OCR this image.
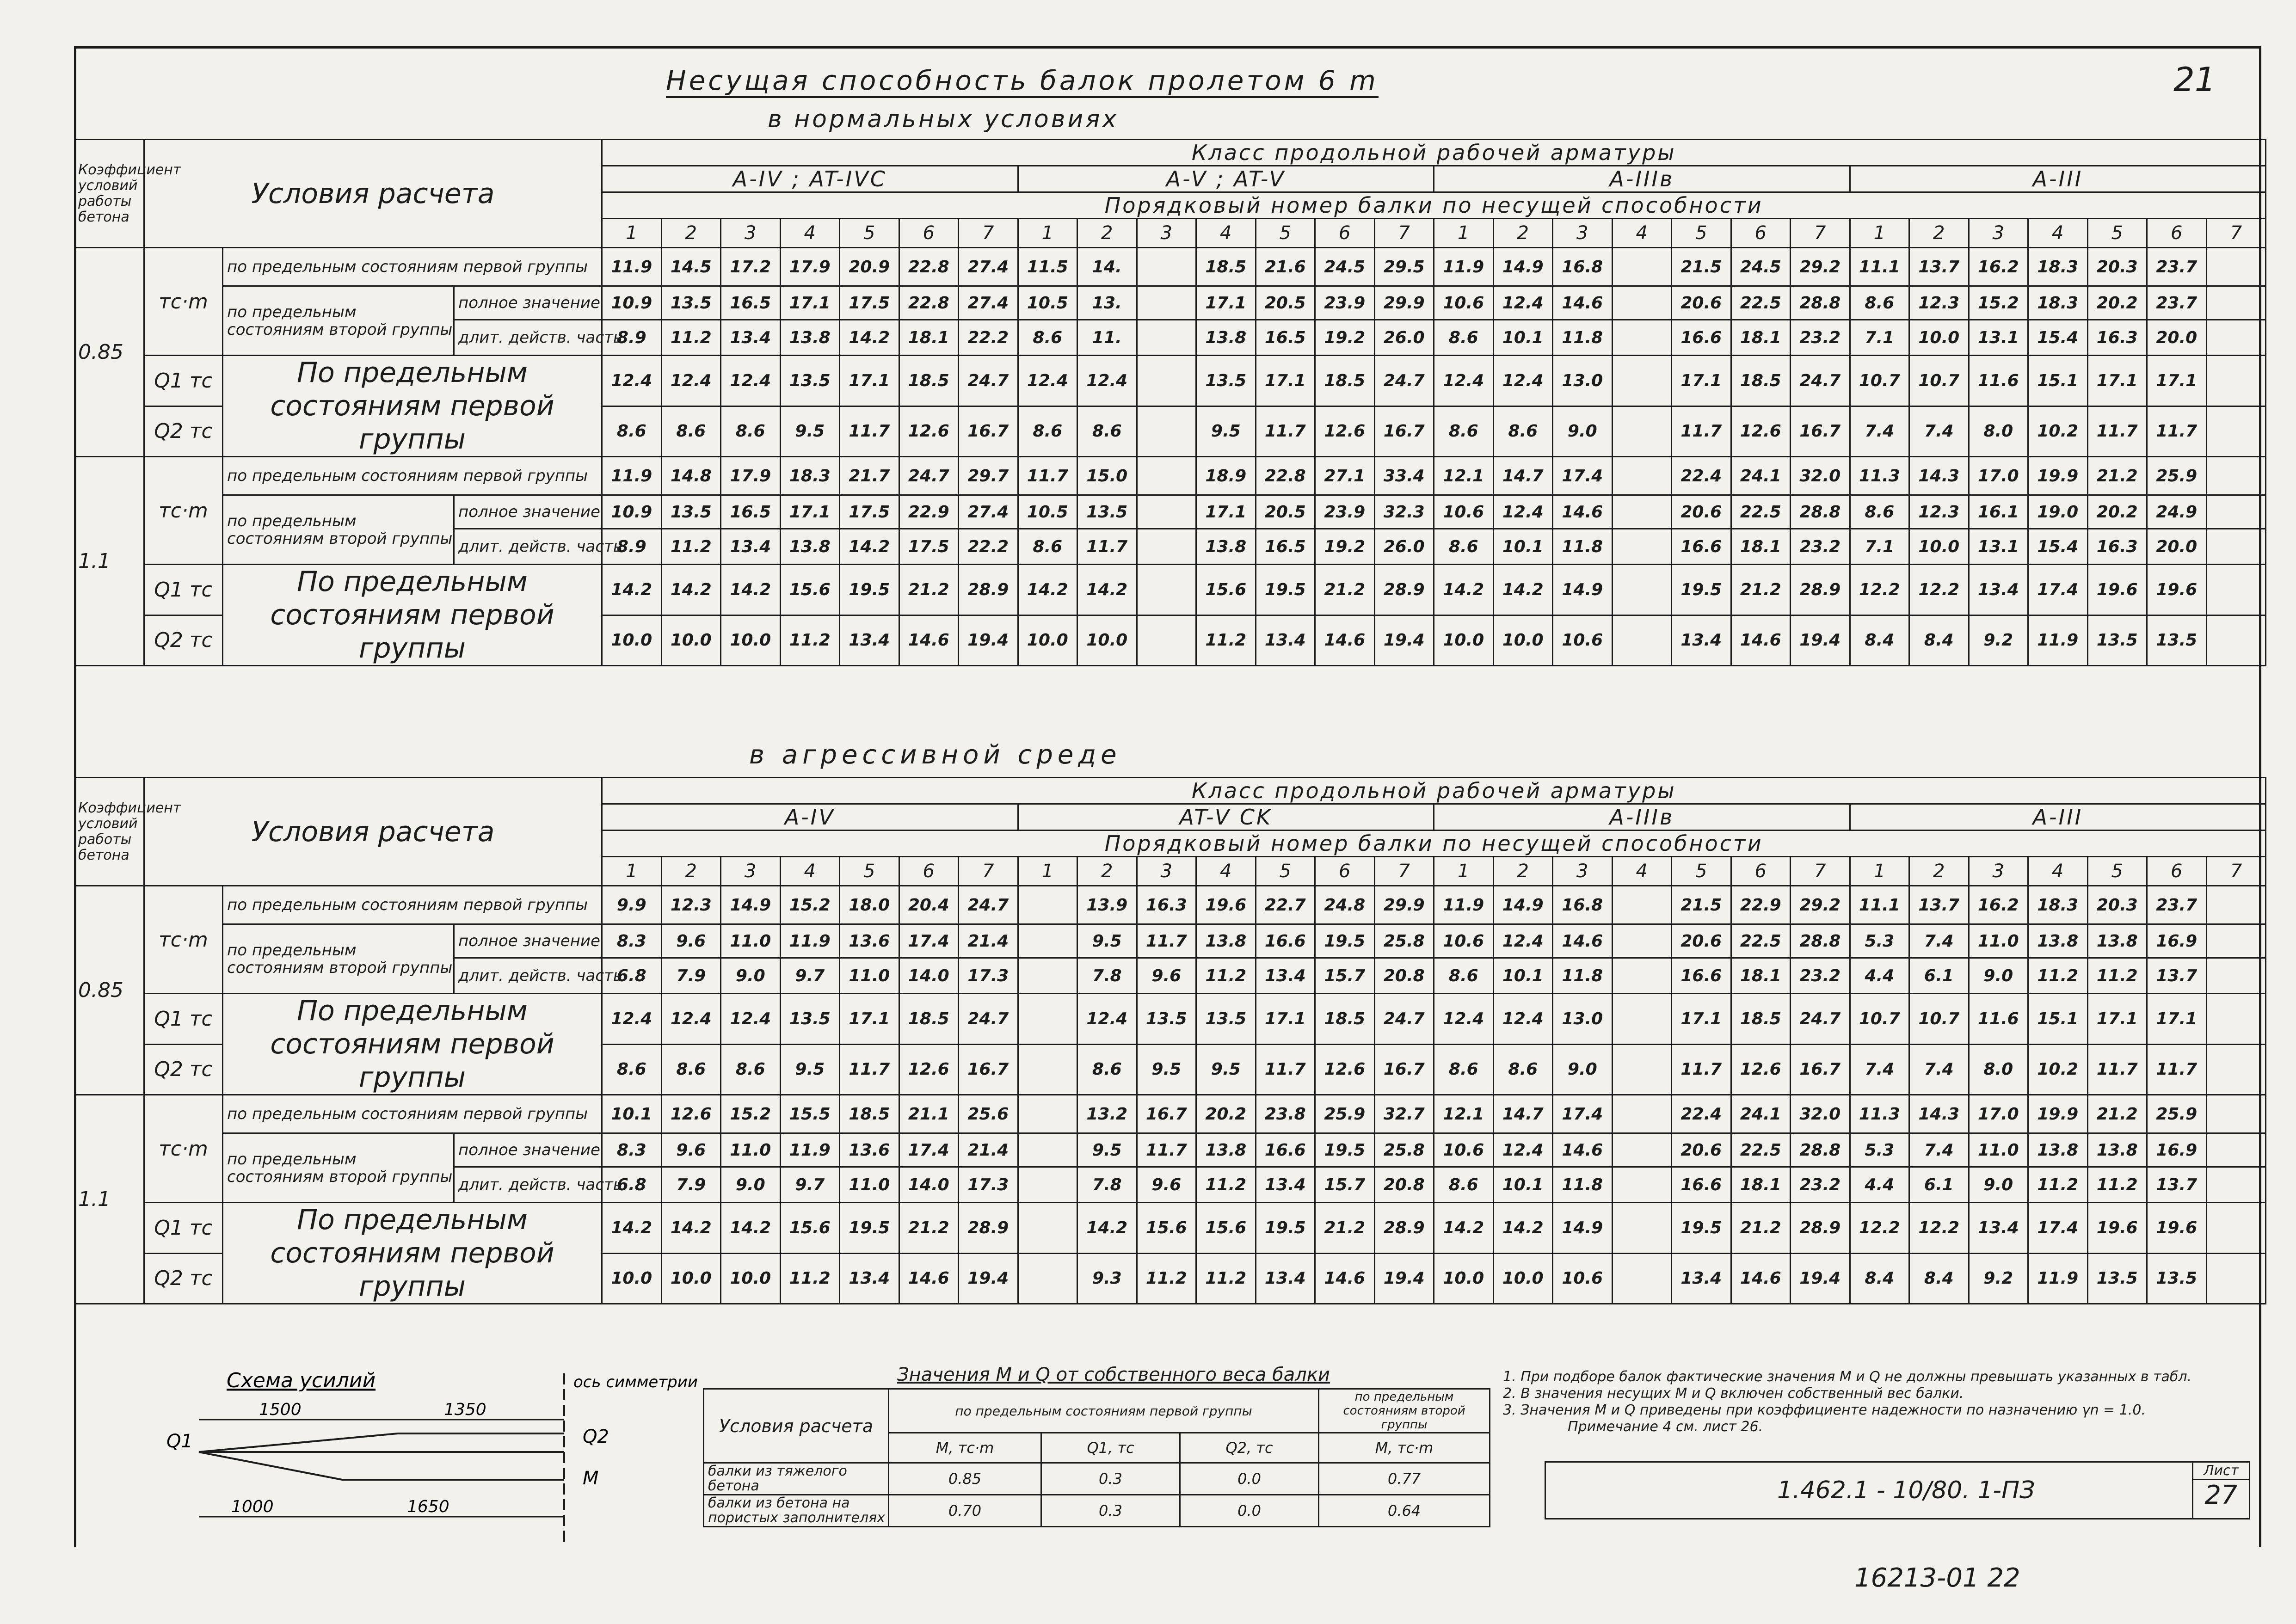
Несущая способность балок пролетом 6 m	21
в нормальных условиях
Коэффициент условий работы бетона	Условия расчета			Класс продольной рабочей арматуры																											
				A-IV ; AT-IVC							A-V ; AT-V							A-IIIв							A-III						
				Порядковый номер балки по несущей способности																											
				1	2	3	4	5	6	7	1	2	3	4	5	6	7	1	2	3	4	5	6	7	1	2	3	4	5	6	7
0.85	тс·m	по предельным состояниям первой группы		11.9	14.5	17.2	17.9	20.9	22.8	27.4	11.5	14.		18.5	21.6	24.5	29.5	11.9	14.9	16.8		21.5	24.5	29.2	11.1	13.7	16.2	18.3	20.3	23.7	
		по предельным состояниям второй группы	полное значение	10.9	13.5	16.5	17.1	17.5	22.8	27.4	10.5	13.		17.1	20.5	23.9	29.9	10.6	12.4	14.6		20.6	22.5	28.8	8.6	12.3	15.2	18.3	20.2	23.7	
			длит. действ. часть	8.9	11.2	13.4	13.8	14.2	18.1	22.2	8.6	11.		13.8	16.5	19.2	26.0	8.6	10.1	11.8		16.6	18.1	23.2	7.1	10.0	13.1	15.4	16.3	20.0	
	Q1 тс	По предельным состояниям первой группы		12.4	12.4	12.4	13.5	17.1	18.5	24.7	12.4	12.4		13.5	17.1	18.5	24.7	12.4	12.4	13.0		17.1	18.5	24.7	10.7	10.7	11.6	15.1	17.1	17.1	
	Q2 тс			8.6	8.6	8.6	9.5	11.7	12.6	16.7	8.6	8.6		9.5	11.7	12.6	16.7	8.6	8.6	9.0		11.7	12.6	16.7	7.4	7.4	8.0	10.2	11.7	11.7	
1.1	тс·m	по предельным состояниям первой группы		11.9	14.8	17.9	18.3	21.7	24.7	29.7	11.7	15.0		18.9	22.8	27.1	33.4	12.1	14.7	17.4		22.4	24.1	32.0	11.3	14.3	17.0	19.9	21.2	25.9	
		по предельным состояниям второй группы	полное значение	10.9	13.5	16.5	17.1	17.5	22.9	27.4	10.5	13.5		17.1	20.5	23.9	32.3	10.6	12.4	14.6		20.6	22.5	28.8	8.6	12.3	16.1	19.0	20.2	24.9	
			длит. действ. часть	8.9	11.2	13.4	13.8	14.2	17.5	22.2	8.6	11.7		13.8	16.5	19.2	26.0	8.6	10.1	11.8		16.6	18.1	23.2	7.1	10.0	13.1	15.4	16.3	20.0	
	Q1 тс	По предельным состояниям первой группы		14.2	14.2	14.2	15.6	19.5	21.2	28.9	14.2	14.2		15.6	19.5	21.2	28.9	14.2	14.2	14.9		19.5	21.2	28.9	12.2	12.2	13.4	17.4	19.6	19.6	
	Q2 тс			10.0	10.0	10.0	11.2	13.4	14.6	19.4	10.0	10.0		11.2	13.4	14.6	19.4	10.0	10.0	10.6		13.4	14.6	19.4	8.4	8.4	9.2	11.9	13.5	13.5	
в агрессивной среде
Коэффициент условий работы бетона	Условия расчета			Класс продольной рабочей арматуры																											
				A-IV							AT-V CK							A-IIIв							A-III						
				Порядковый номер балки по несущей способности																											
				1	2	3	4	5	6	7	1	2	3	4	5	6	7	1	2	3	4	5	6	7	1	2	3	4	5	6	7
0.85	тс·m	по предельным состояниям первой группы		9.9	12.3	14.9	15.2	18.0	20.4	24.7		13.9	16.3	19.6	22.7	24.8	29.9	11.9	14.9	16.8		21.5	22.9	29.2	11.1	13.7	16.2	18.3	20.3	23.7	
		по предельным состояниям второй группы	полное значение	8.3	9.6	11.0	11.9	13.6	17.4	21.4		9.5	11.7	13.8	16.6	19.5	25.8	10.6	12.4	14.6		20.6	22.5	28.8	5.3	7.4	11.0	13.8	13.8	16.9	
			длит. действ. часть	6.8	7.9	9.0	9.7	11.0	14.0	17.3		7.8	9.6	11.2	13.4	15.7	20.8	8.6	10.1	11.8		16.6	18.1	23.2	4.4	6.1	9.0	11.2	11.2	13.7	
	Q1 тс	По предельным состояниям первой группы		12.4	12.4	12.4	13.5	17.1	18.5	24.7		12.4	13.5	13.5	17.1	18.5	24.7	12.4	12.4	13.0		17.1	18.5	24.7	10.7	10.7	11.6	15.1	17.1	17.1	
	Q2 тс			8.6	8.6	8.6	9.5	11.7	12.6	16.7		8.6	9.5	9.5	11.7	12.6	16.7	8.6	8.6	9.0		11.7	12.6	16.7	7.4	7.4	8.0	10.2	11.7	11.7	
1.1	тс·m	по предельным состояниям первой группы		10.1	12.6	15.2	15.5	18.5	21.1	25.6		13.2	16.7	20.2	23.8	25.9	32.7	12.1	14.7	17.4		22.4	24.1	32.0	11.3	14.3	17.0	19.9	21.2	25.9	
		по предельным состояниям второй группы	полное значение	8.3	9.6	11.0	11.9	13.6	17.4	21.4		9.5	11.7	13.8	16.6	19.5	25.8	10.6	12.4	14.6		20.6	22.5	28.8	5.3	7.4	11.0	13.8	13.8	16.9	
			длит. действ. часть	6.8	7.9	9.0	9.7	11.0	14.0	17.3		7.8	9.6	11.2	13.4	15.7	20.8	8.6	10.1	11.8		16.6	18.1	23.2	4.4	6.1	9.0	11.2	11.2	13.7	
	Q1 тс	По предельным состояниям первой группы		14.2	14.2	14.2	15.6	19.5	21.2	28.9		14.2	15.6	15.6	19.5	21.2	28.9	14.2	14.2	14.9		19.5	21.2	28.9	12.2	12.2	13.4	17.4	19.6	19.6	
	Q2 тс			10.0	10.0	10.0	11.2	13.4	14.6	19.4		9.3	11.2	11.2	13.4	14.6	19.4	10.0	10.0	10.6		13.4	14.6	19.4	8.4	8.4	9.2	11.9	13.5	13.5	
Схема усилий	ось симметрии
1500	1350
Q1	Q2
M
1000	1650
Значения M и Q от собственного веса балки
Условия расчета	по предельным состояниям первой группы			по предельным состояниям второй группы
	M, тс·m	Q1, тс	Q2, тс	M, тс·m
балки из тяжелого бетона	0.85	0.3	0.0	0.77
балки из бетона на пористых заполнителях	0.70	0.3	0.0	0.64
1. При подборе балок фактические значения M и Q не должны превышать указанных в табл.
2. В значения несущих M и Q включен собственный вес балки.
3. Значения M и Q приведены при коэффициенте надежности по назначению γn = 1.0.
Примечание 4 см. лист 26.
1.462.1 - 10/80. 1-ПЗ
Лист
27
16213-01 22
